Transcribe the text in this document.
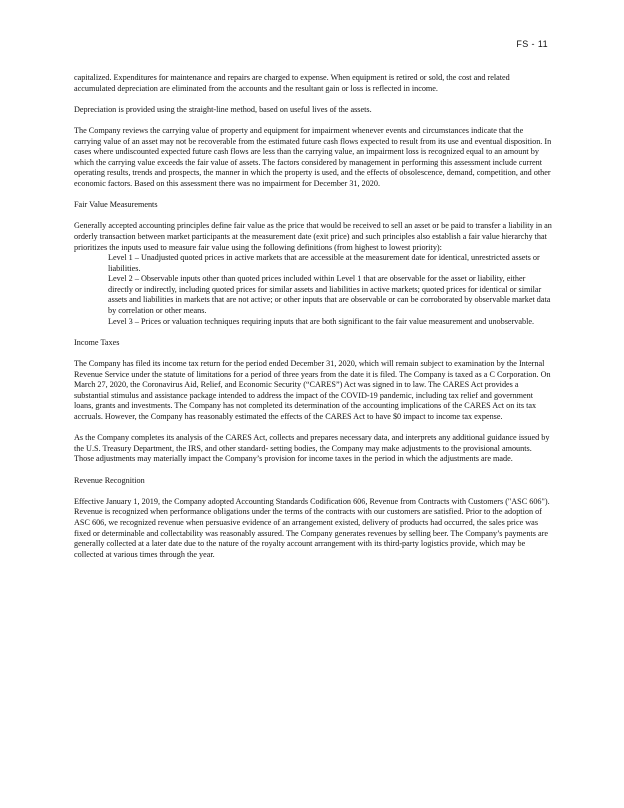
FS - 11

capitalized. Expenditures for maintenance and repairs are charged to expense. When equipment is retired or sold, the cost and related accumulated depreciation are eliminated from the accounts and the resultant gain or loss is reflected in income.

Depreciation is provided using the straight-line method, based on useful lives of the assets.

The Company reviews the carrying value of property and equipment for impairment whenever events and circumstances indicate that the carrying value of an asset may not be recoverable from the estimated future cash flows expected to result from its use and eventual disposition. In cases where undiscounted expected future cash flows are less than the carrying value, an impairment loss is recognized equal to an amount by which the carrying value exceeds the fair value of assets. The factors considered by management in performing this assessment include current operating results, trends and prospects, the manner in which the property is used, and the effects of obsolescence, demand, competition, and other economic factors. Based on this assessment there was no impairment for December 31, 2020.

Fair Value Measurements

Generally accepted accounting principles define fair value as the price that would be received to sell an asset or be paid to transfer a liability in an orderly transaction between market participants at the measurement date (exit price) and such principles also establish a fair value hierarchy that prioritizes the inputs used to measure fair value using the following definitions (from highest to lowest priority):

Level 1 – Unadjusted quoted prices in active markets that are accessible at the measurement date for identical, unrestricted assets or liabilities.
Level 2 – Observable inputs other than quoted prices included within Level 1 that are observable for the asset or liability, either directly or indirectly, including quoted prices for similar assets and liabilities in active markets; quoted prices for identical or similar assets and liabilities in markets that are not active; or other inputs that are observable or can be corroborated by observable market data by correlation or other means.
Level 3 – Prices or valuation techniques requiring inputs that are both significant to the fair value measurement and unobservable.
Income Taxes

The Company has filed its income tax return for the period ended December 31, 2020, which will remain subject to examination by the Internal Revenue Service under the statute of limitations for a period of three years from the date it is filed. The Company is taxed as a C Corporation. On March 27, 2020, the Coronavirus Aid, Relief, and Economic Security (“CARES”) Act was signed in to law. The CARES Act provides a substantial stimulus and assistance package intended to address the impact of the COVID-19 pandemic, including tax relief and government loans, grants and investments. The Company has not completed its determination of the accounting implications of the CARES Act on its tax accruals. However, the Company has reasonably estimated the effects of the CARES Act to have $0 impact to income tax expense.

As the Company completes its analysis of the CARES Act, collects and prepares necessary data, and interprets any additional guidance issued by the U.S. Treasury Department, the IRS, and other standard- setting bodies, the Company may make adjustments to the provisional amounts. Those adjustments may materially impact the Company’s provision for income taxes in the period in which the adjustments are made.

Revenue Recognition

Effective January 1, 2019, the Company adopted Accounting Standards Codification 606, Revenue from Contracts with Customers ("ASC 606"). Revenue is recognized when performance obligations under the terms of the contracts with our customers are satisfied. Prior to the adoption of ASC 606, we recognized revenue when persuasive evidence of an arrangement existed, delivery of products had occurred, the sales price was fixed or determinable and collectability was reasonably assured. The Company generates revenues by selling beer. The Company’s payments are generally collected at a later date due to the nature of the royalty account arrangement with its third-party logistics provide, which may be collected at various times through the year.
